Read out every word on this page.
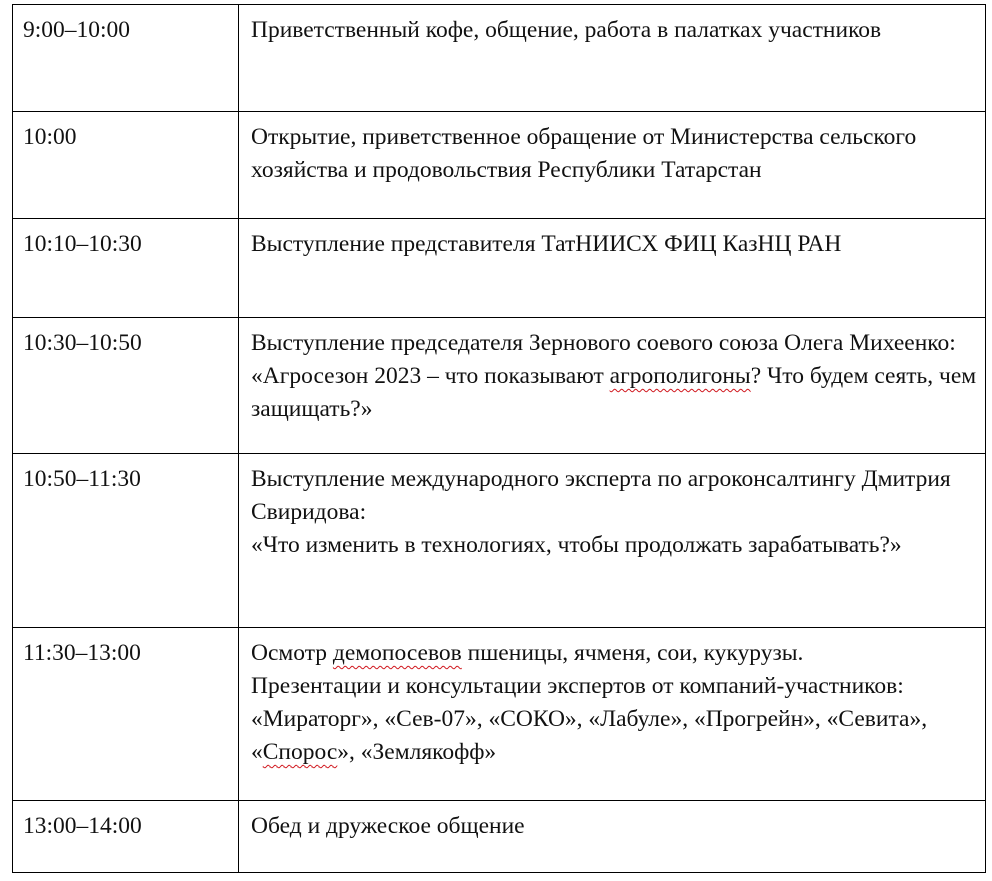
9:00–10:00	Приветственный кофе, общение, работа в палатках участников
10:00	Открытие, приветственное обращение от Министерства сельского хозяйства и продовольствия Республики Татарстан
10:10–10:30	Выступление представителя ТатНИИСХ ФИЦ КазНЦ РАН
10:30–10:50	Выступление председателя Зернового соевого союза Олега Михеенко: «Агросезон 2023 – что показывают агрополигоны? Что будем сеять, чем защищать?»
10:50–11:30	Выступление международного эксперта по агроконсалтингу Дмитрия Свиридова:
«Что изменить в технологиях, чтобы продолжать зарабатывать?»
11:30–13:00	Осмотр демопосевов пшеницы, ячменя, сои, кукурузы.
Презентации и консультации экспертов от компаний-участников: «Мираторг», «Сев-07», «СОКО», «Лабуле», «Прогрейн», «Севита», «Спорос», «Землякофф»
13:00–14:00	Обед и дружеское общение
